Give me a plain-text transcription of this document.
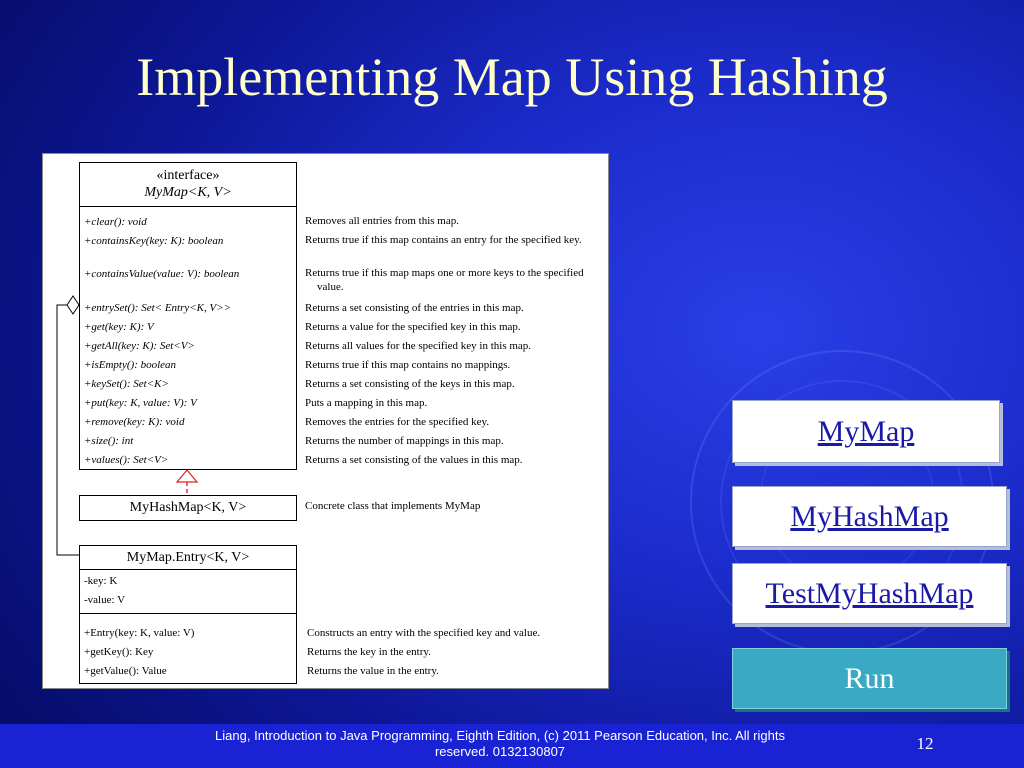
Implementing Map Using Hashing
«interface»
MyMap<K, V>
+clear(): void
+containsKey(key: K): boolean
+containsValue(value: V): boolean
+entrySet(): Set< Entry<K, V>>
+get(key: K): V
+getAll(key: K): Set<V>
+isEmpty(): boolean
+keySet(): Set<K>
+put(key: K, value: V): V
+remove(key: K): void
+size(): int
+values(): Set<V>
Removes all entries from this map.
Returns true if this map contains an entry for the specified key.
Returns true if this map maps one or more keys to the specified value.
Returns a set consisting of the entries in this map.
Returns a value for the specified key in this map.
Returns all values for the specified key in this map.
Returns true if this map contains no mappings.
Returns a set consisting of the keys in this map.
Puts a mapping in this map.
Removes the entries for the specified key.
Returns the number of mappings in this map.
Returns a set consisting of the values in this map.
MyHashMap<K, V>	Concrete class that implements MyMap
MyMap.Entry<K, V>
-key: K
-value: V
+Entry(key: K, value: V)
+getKey(): Key
+getValue(): Value
Constructs an entry with the specified key and value.
Returns the key in the entry.
Returns the value in the entry.
MyMap
MyHashMap
TestMyHashMap
Run
Liang, Introduction to Java Programming, Eighth Edition, (c) 2011 Pearson Education, Inc. All rights reserved. 0132130807	12
